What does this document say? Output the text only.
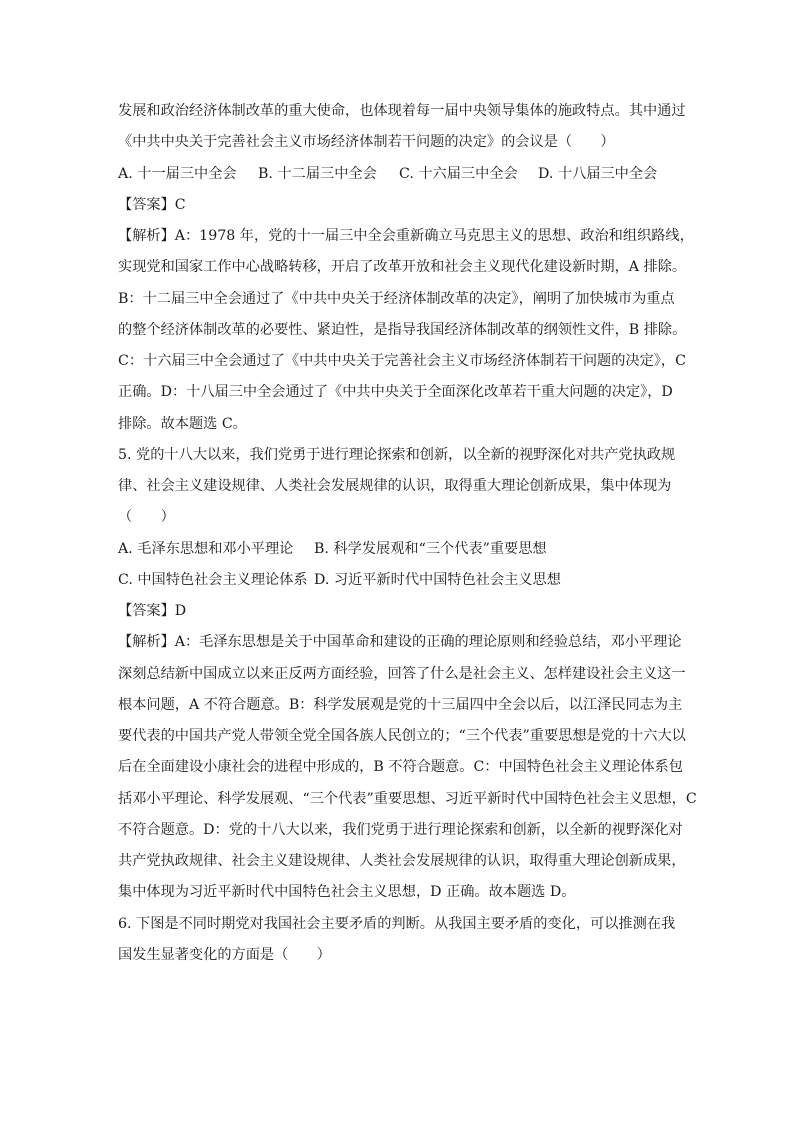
发展和政治经济体制改革的重大使命，也体现着每一届中央领导集体的施政特点。其中通过
《中共中央关于完善社会主义市场经济体制若干问题的决定》的会议是（　　）
A. 十一届三中全会	B. 十二届三中全会	C. 十六届三中全会	D. 十八届三中全会
【答案】C
【解析】A：1978 年，党的十一届三中全会重新确立马克思主义的思想、政治和组织路线，
实现党和国家工作中心战略转移，开启了改革开放和社会主义现代化建设新时期，A 排除。
B：十二届三中全会通过了《中共中央关于经济体制改革的决定》，阐明了加快城市为重点
的整个经济体制改革的必要性、紧迫性，是指导我国经济体制改革的纲领性文件，B 排除。
C：十六届三中全会通过了《中共中央关于完善社会主义市场经济体制若干问题的决定》，C
正确。D：十八届三中全会通过了《中共中央关于全面深化改革若干重大问题的决定》，D
排除。故本题选 C。
5. 党的十八大以来，我们党勇于进行理论探索和创新，以全新的视野深化对共产党执政规
律、社会主义建设规律、人类社会发展规律的认识，取得重大理论创新成果，集中体现为
（　　）
A. 毛泽东思想和邓小平理论	B. 科学发展观和“三个代表”重要思想
C. 中国特色社会主义理论体系 D. 习近平新时代中国特色社会主义思想
【答案】D
【解析】A：毛泽东思想是关于中国革命和建设的正确的理论原则和经验总结，邓小平理论
深刻总结新中国成立以来正反两方面经验，回答了什么是社会主义、怎样建设社会主义这一
根本问题，A 不符合题意。B：科学发展观是党的十三届四中全会以后，以江泽民同志为主
要代表的中国共产党人带领全党全国各族人民创立的；“三个代表”重要思想是党的十六大以
后在全面建设小康社会的进程中形成的，B 不符合题意。C：中国特色社会主义理论体系包
括邓小平理论、科学发展观、“三个代表”重要思想、习近平新时代中国特色社会主义思想，C
不符合题意。D：党的十八大以来，我们党勇于进行理论探索和创新，以全新的视野深化对
共产党执政规律、社会主义建设规律、人类社会发展规律的认识，取得重大理论创新成果，
集中体现为习近平新时代中国特色社会主义思想，D 正确。故本题选 D。
6. 下图是不同时期党对我国社会主要矛盾的判断。从我国主要矛盾的变化，可以推测在我
国发生显著变化的方面是（　　）
